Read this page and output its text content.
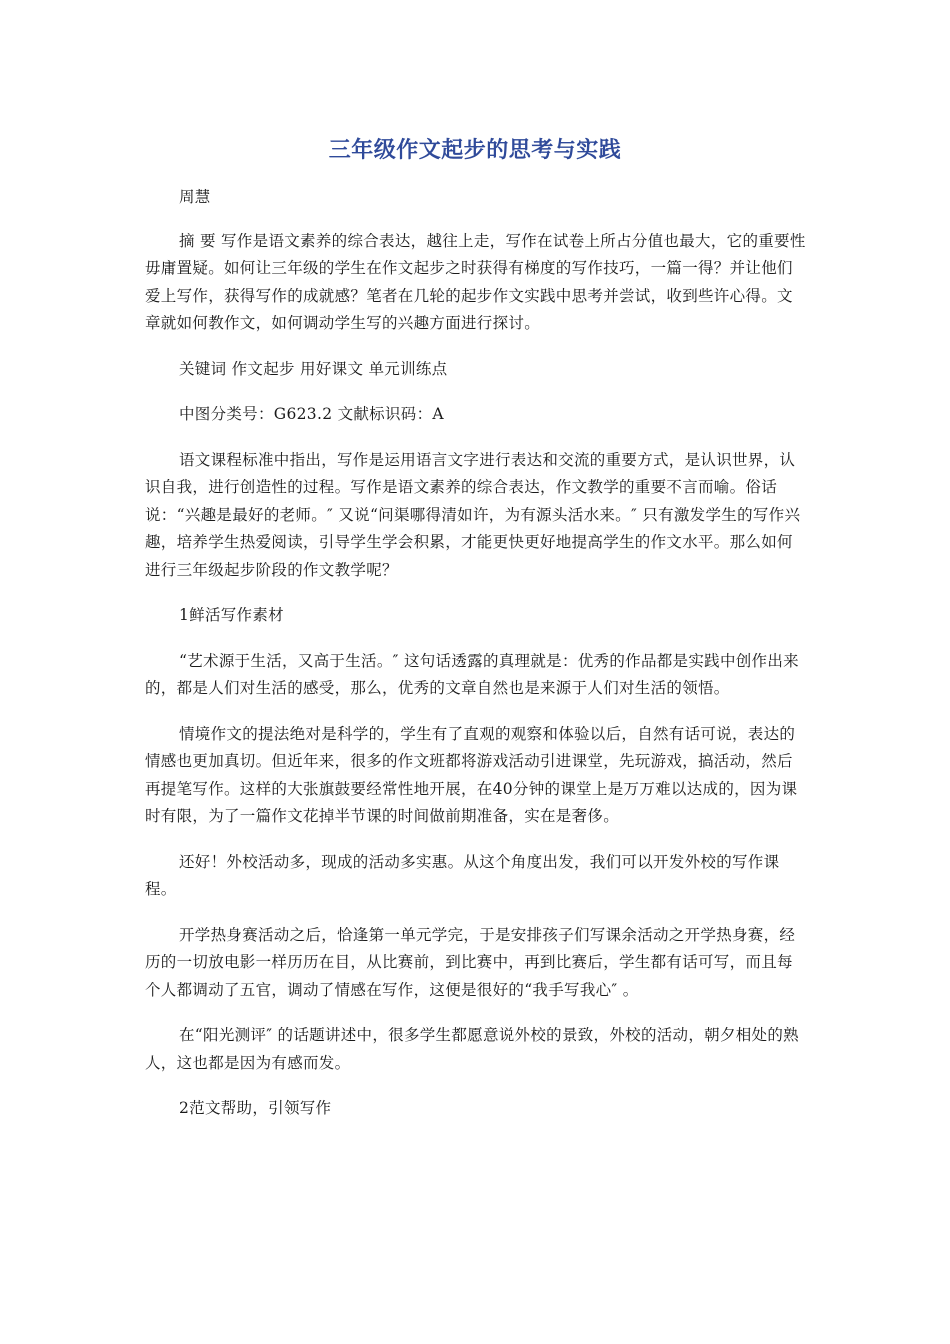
三年级作文起步的思考与实践

周慧

摘 要 写作是语文素养的综合表达，越往上走，写作在试卷上所占分值也最大，它的重要性毋庸置疑。如何让三年级的学生在作文起步之时获得有梯度的写作技巧，一篇一得？并让他们爱上写作，获得写作的成就感？笔者在几轮的起步作文实践中思考并尝试，收到些许心得。文章就如何教作文，如何调动学生写的兴趣方面进行探讨。

关键词 作文起步 用好课文 单元训练点

中图分类号：G623.2 文献标识码：A

语文课程标准中指出，写作是运用语言文字进行表达和交流的重要方式，是认识世界，认识自我，进行创造性的过程。写作是语文素养的综合表达，作文教学的重要不言而喻。俗话说：“兴趣是最好的老师。″ 又说“问渠哪得清如许，为有源头活水来。″ 只有激发学生的写作兴趣，培养学生热爱阅读，引导学生学会积累，才能更快更好地提高学生的作文水平。那么如何进行三年级起步阶段的作文教学呢？

1鲜活写作素材

“艺术源于生活，又高于生活。″ 这句话透露的真理就是：优秀的作品都是实践中创作出来的，都是人们对生活的感受，那么，优秀的文章自然也是来源于人们对生活的领悟。

情境作文的提法绝对是科学的，学生有了直观的观察和体验以后，自然有话可说，表达的情感也更加真切。但近年来，很多的作文班都将游戏活动引进课堂，先玩游戏，搞活动，然后再提笔写作。这样的大张旗鼓要经常性地开展，在40分钟的课堂上是万万难以达成的，因为课时有限，为了一篇作文花掉半节课的时间做前期准备，实在是奢侈。

还好！外校活动多，现成的活动多实惠。从这个角度出发，我们可以开发外校的写作课程。

开学热身赛活动之后，恰逢第一单元学完，于是安排孩子们写课余活动之开学热身赛，经历的一切放电影一样历历在目，从比赛前，到比赛中，再到比赛后，学生都有话可写，而且每个人都调动了五官，调动了情感在写作，这便是很好的“我手写我心″ 。

在“阳光测评″ 的话题讲述中，很多学生都愿意说外校的景致，外校的活动，朝夕相处的熟人，这也都是因为有感而发。

2范文帮助，引领写作
